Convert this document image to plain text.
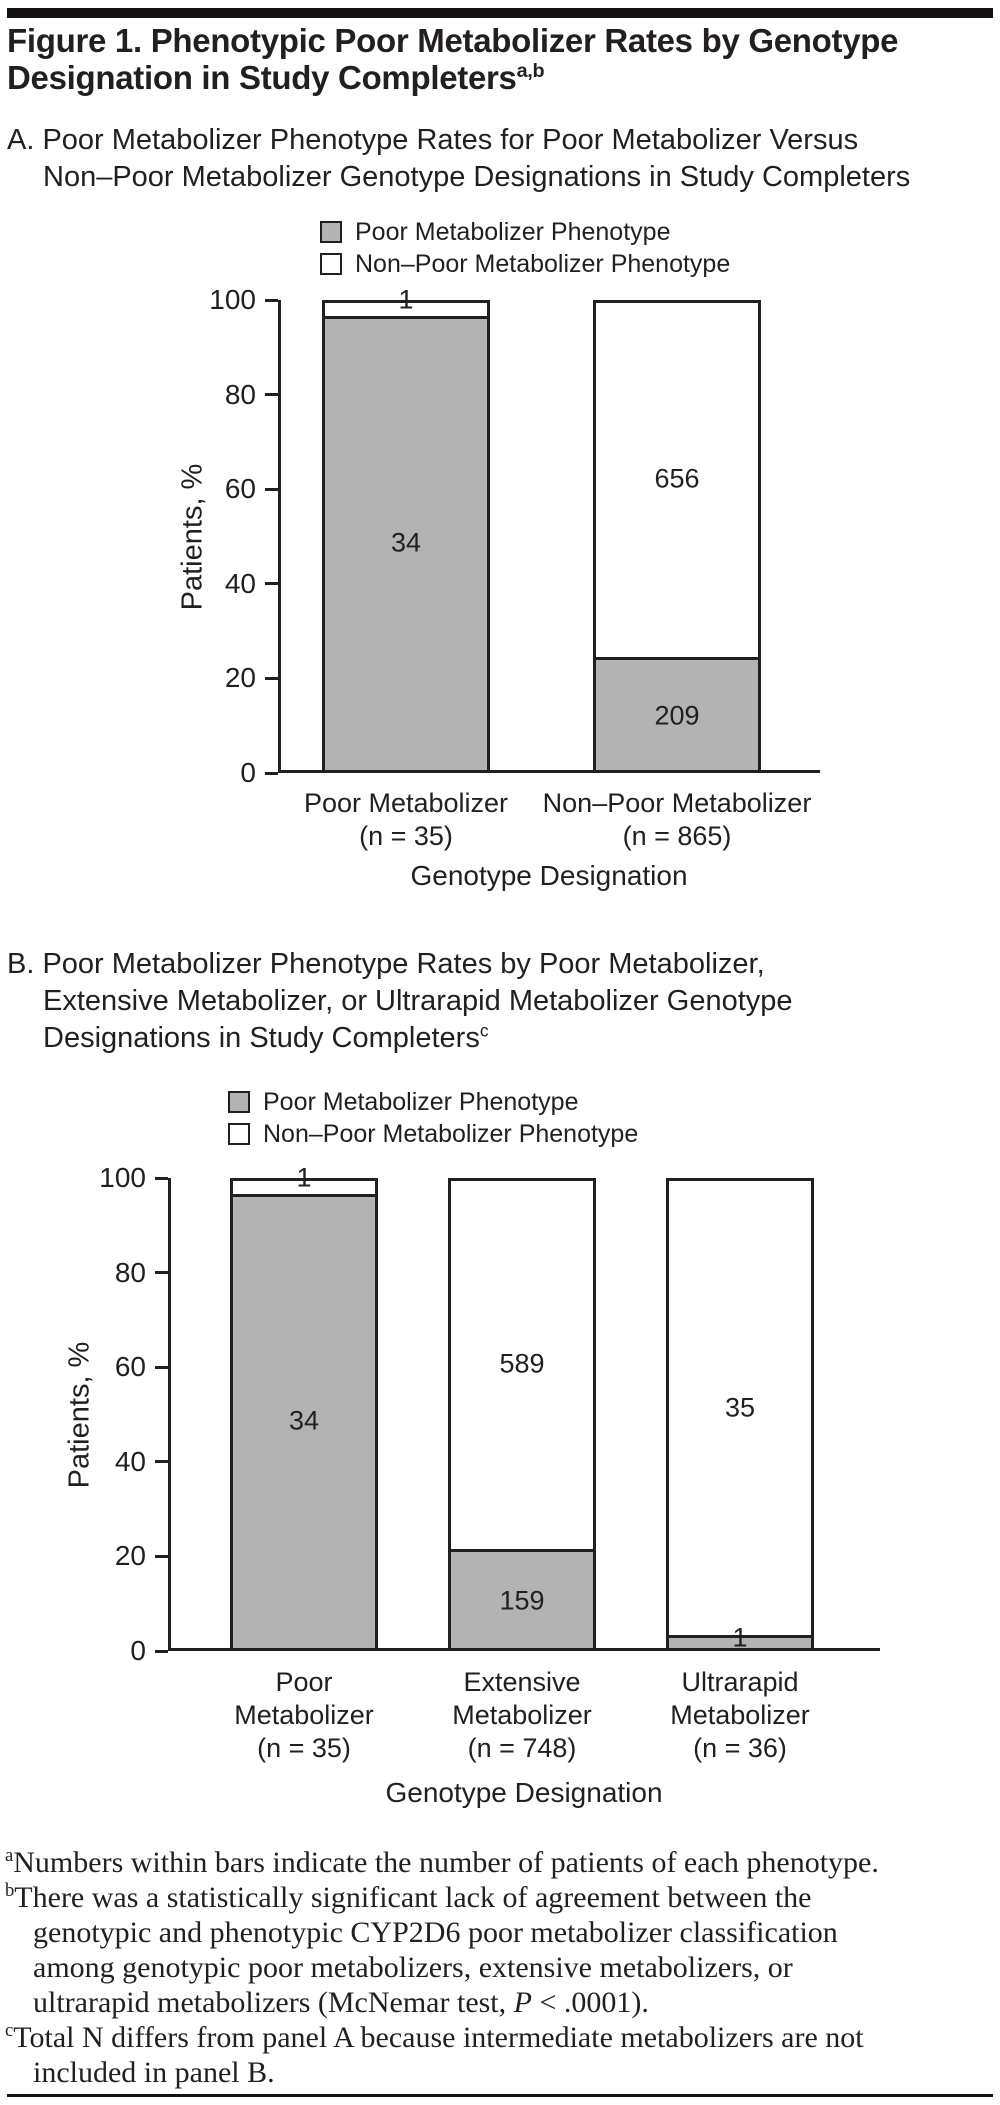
Figure 1. Phenotypic Poor Metabolizer Rates by Genotype
Designation in Study Completers$^{a,b}$
A. Poor Metabolizer Phenotype Rates for Poor Metabolizer Versus
Non–Poor Metabolizer Genotype Designations in Study Completers
Poor Metabolizer Phenotype
Non–Poor Metabolizer Phenotype
B. Poor Metabolizer Phenotype Rates by Poor Metabolizer,
Extensive Metabolizer, or Ultrarapid Metabolizer Genotype
Designations in Study Completers$^c$
Poor Metabolizer Phenotype
Non–Poor Metabolizer Phenotype
0
20
40
60
80
100
Patients, %
Genotype Designation
34
1
Poor Metabolizer
(n = 35)
209
656
Non–Poor Metabolizer
(n = 865)
0
20
40
60
80
100
Patients, %
Genotype Designation
34
1
Poor
Metabolizer
(n = 35)
159
589
Extensive
Metabolizer
(n = 748)
1
35
Ultrarapid
Metabolizer
(n = 36)
$^a$Numbers within bars indicate the number of patients of each phenotype.
$^b$There was a statistically significant lack of agreement between the genotypic and phenotypic CYP2D6 poor metabolizer classification among genotypic poor metabolizers, extensive metabolizers, or ultrarapid metabolizers (McNemar test, P < .0001).
$^c$Total N differs from panel A because intermediate metabolizers are not included in panel B.
